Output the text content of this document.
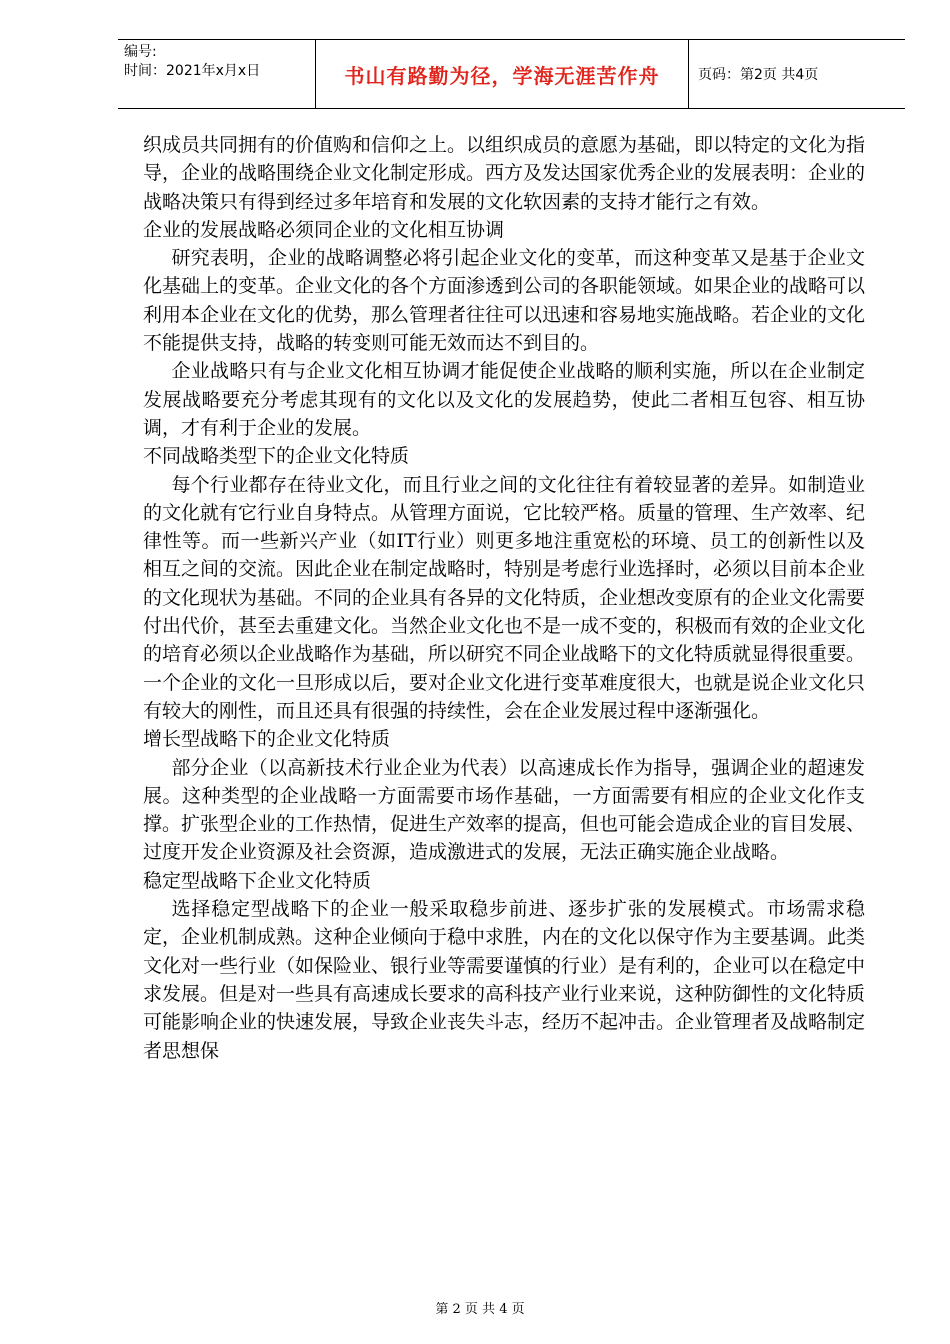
编号:
时间：2021年x月x日	书山有路勤为径，学海无涯苦作舟	页码：第2页 共4页

织成员共同拥有的价值购和信仰之上。以组织成员的意愿为基础，即以特定的文化为指导，企业的战略围绕企业文化制定形成。西方及发达国家优秀企业的发展表明：企业的战略决策只有得到经过多年培育和发展的文化软因素的支持才能行之有效。

企业的发展战略必须同企业的文化相互协调

研究表明，企业的战略调整必将引起企业文化的变革，而这种变革又是基于企业文化基础上的变革。企业文化的各个方面渗透到公司的各职能领域。如果企业的战略可以利用本企业在文化的优势，那么管理者往往可以迅速和容易地实施战略。若企业的文化不能提供支持，战略的转变则可能无效而达不到目的。

企业战略只有与企业文化相互协调才能促使企业战略的顺利实施，所以在企业制定发展战略要充分考虑其现有的文化以及文化的发展趋势，使此二者相互包容、相互协调，才有利于企业的发展。

不同战略类型下的企业文化特质

每个行业都存在待业文化，而且行业之间的文化往往有着较显著的差异。如制造业的文化就有它行业自身特点。从管理方面说，它比较严格。质量的管理、生产效率、纪律性等。而一些新兴产业（如IT行业）则更多地注重宽松的环境、员工的创新性以及相互之间的交流。因此企业在制定战略时，特别是考虑行业选择时，必须以目前本企业的文化现状为基础。不同的企业具有各异的文化特质，企业想改变原有的企业文化需要付出代价，甚至去重建文化。当然企业文化也不是一成不变的，积极而有效的企业文化的培育必须以企业战略作为基础，所以研究不同企业战略下的文化特质就显得很重要。一个企业的文化一旦形成以后，要对企业文化进行变革难度很大，也就是说企业文化只有较大的刚性，而且还具有很强的持续性，会在企业发展过程中逐渐强化。

增长型战略下的企业文化特质

部分企业（以高新技术行业企业为代表）以高速成长作为指导，强调企业的超速发展。这种类型的企业战略一方面需要市场作基础，一方面需要有相应的企业文化作支撑。扩张型企业的工作热情，促进生产效率的提高，但也可能会造成企业的盲目发展、过度开发企业资源及社会资源，造成激进式的发展，无法正确实施企业战略。

稳定型战略下企业文化特质

选择稳定型战略下的企业一般采取稳步前进、逐步扩张的发展模式。市场需求稳定，企业机制成熟。这种企业倾向于稳中求胜，内在的文化以保守作为主要基调。此类文化对一些行业（如保险业、银行业等需要谨慎的行业）是有利的，企业可以在稳定中求发展。但是对一些具有高速成长要求的高科技产业行业来说，这种防御性的文化特质可能影响企业的快速发展，导致企业丧失斗志，经历不起冲击。企业管理者及战略制定者思想保

第 2 页 共 4 页
